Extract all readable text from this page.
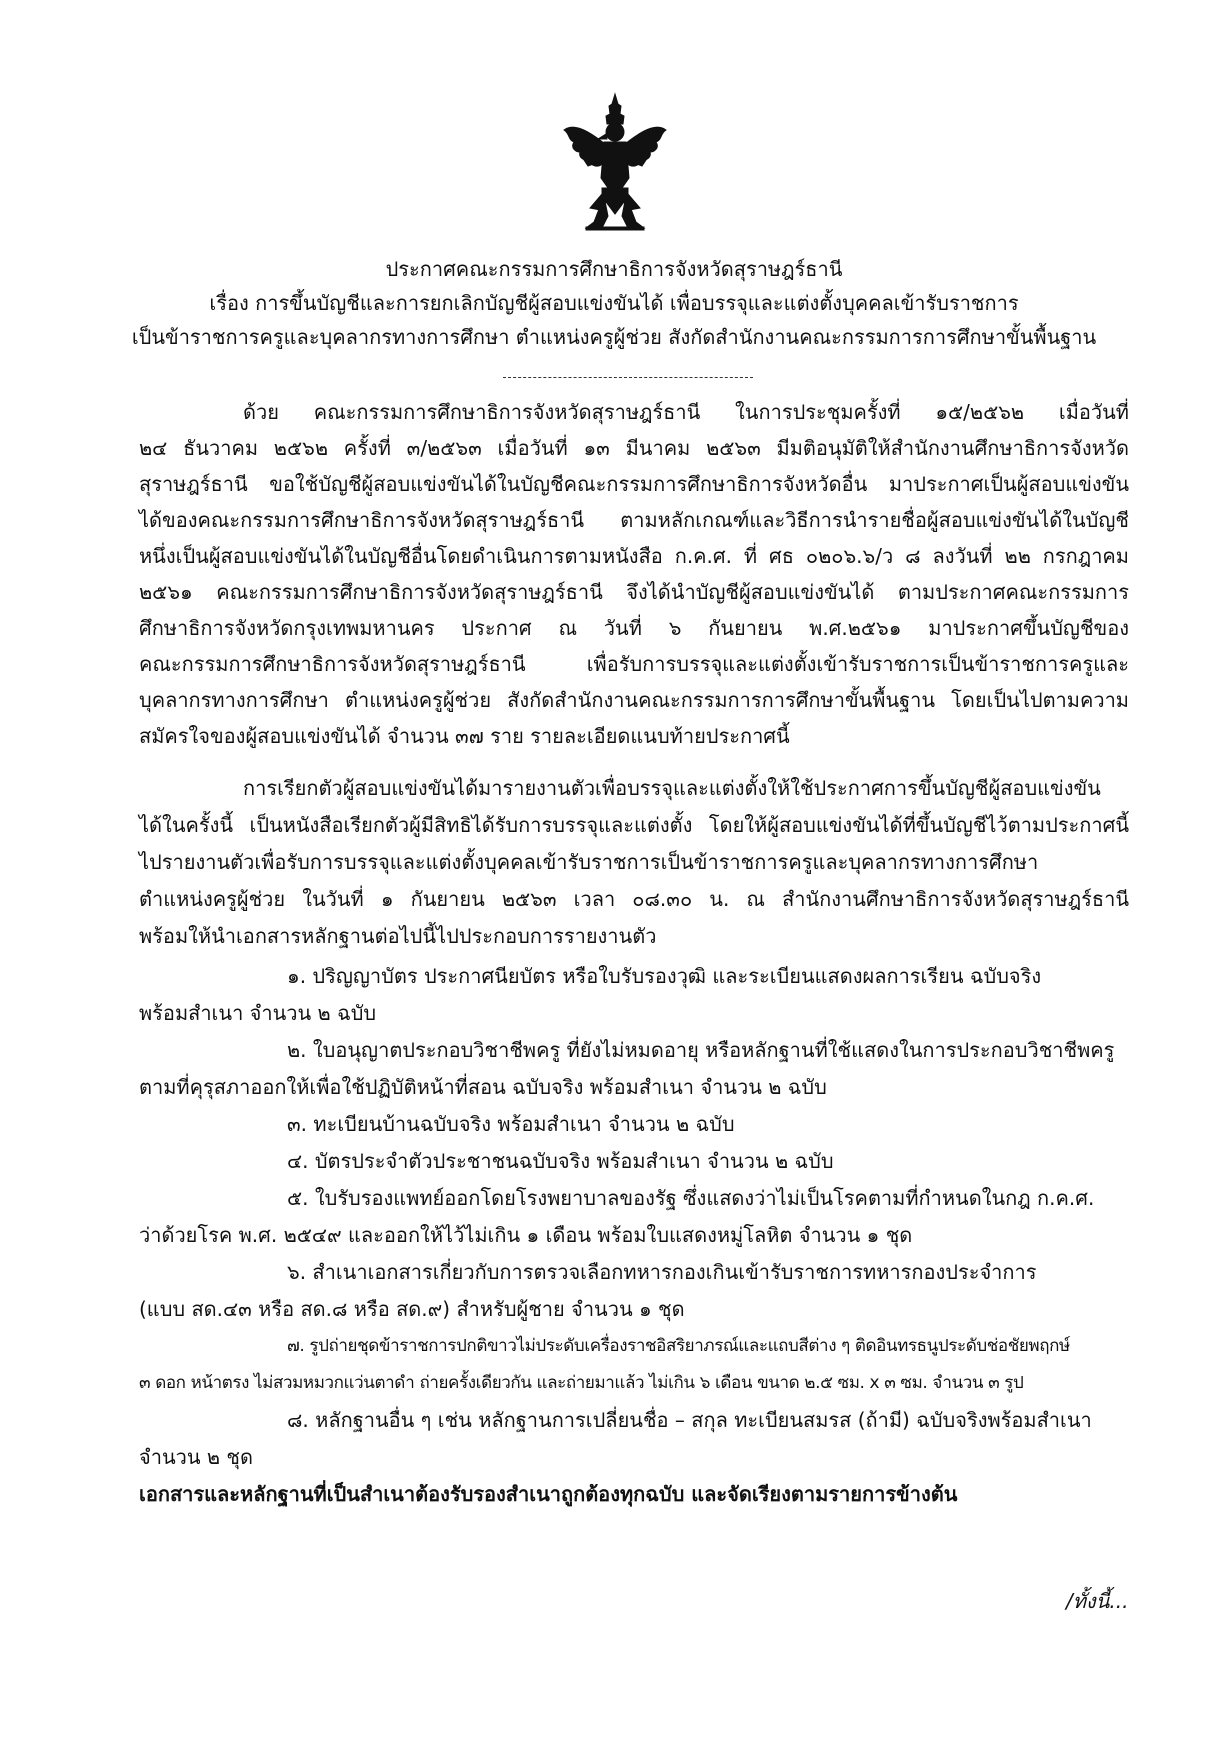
ประกาศคณะกรรมการศึกษาธิการจังหวัดสุราษฎร์ธานี
เรื่อง การขึ้นบัญชีและการยกเลิกบัญชีผู้สอบแข่งขันได้ เพื่อบรรจุและแต่งตั้งบุคคลเข้ารับราชการ
เป็นข้าราชการครูและบุคลากรทางการศึกษา ตำแหน่งครูผู้ช่วย สังกัดสำนักงานคณะกรรมการการศึกษาขั้นพื้นฐาน
ด้วย คณะกรรมการศึกษาธิการจังหวัดสุราษฎร์ธานี ในการประชุมครั้งที่ ๑๕/๒๕๖๒ เมื่อวันที่
๒๔ ธันวาคม ๒๕๖๒ ครั้งที่ ๓/๒๕๖๓ เมื่อวันที่ ๑๓ มีนาคม ๒๕๖๓ มีมติอนุมัติให้สำนักงานศึกษาธิการจังหวัด
สุราษฎร์ธานี ขอใช้บัญชีผู้สอบแข่งขันได้ในบัญชีคณะกรรมการศึกษาธิการจังหวัดอื่น มาประกาศเป็นผู้สอบแข่งขัน
ได้ของคณะกรรมการศึกษาธิการจังหวัดสุราษฎร์ธานี ตามหลักเกณฑ์และวิธีการนำรายชื่อผู้สอบแข่งขันได้ในบัญชี
หนึ่งเป็นผู้สอบแข่งขันได้ในบัญชีอื่นโดยดำเนินการตามหนังสือ ก.ค.ศ. ที่ ศธ ๐๒๐๖.๖/ว ๘ ลงวันที่ ๒๒ กรกฎาคม
๒๕๖๑ คณะกรรมการศึกษาธิการจังหวัดสุราษฎร์ธานี จึงได้นำบัญชีผู้สอบแข่งขันได้ ตามประกาศคณะกรรมการ
ศึกษาธิการจังหวัดกรุงเทพมหานคร ประกาศ ณ วันที่ ๖ กันยายน พ.ศ.๒๕๖๑ มาประกาศขึ้นบัญชีของ
คณะกรรมการศึกษาธิการจังหวัดสุราษฎร์ธานี เพื่อรับการบรรจุและแต่งตั้งเข้ารับราชการเป็นข้าราชการครูและ
บุคลากรทางการศึกษา ตำแหน่งครูผู้ช่วย สังกัดสำนักงานคณะกรรมการการศึกษาขั้นพื้นฐาน โดยเป็นไปตามความ
สมัครใจของผู้สอบแข่งขันได้ จำนวน ๓๗ ราย รายละเอียดแนบท้ายประกาศนี้
การเรียกตัวผู้สอบแข่งขันได้มารายงานตัวเพื่อบรรจุและแต่งตั้งให้ใช้ประกาศการขึ้นบัญชีผู้สอบแข่งขัน
ได้ในครั้งนี้ เป็นหนังสือเรียกตัวผู้มีสิทธิได้รับการบรรจุและแต่งตั้ง โดยให้ผู้สอบแข่งขันได้ที่ขึ้นบัญชีไว้ตามประกาศนี้
ไปรายงานตัวเพื่อรับการบรรจุและแต่งตั้งบุคคลเข้ารับราชการเป็นข้าราชการครูและบุคลากรทางการศึกษา
ตำแหน่งครูผู้ช่วย ในวันที่ ๑ กันยายน ๒๕๖๓ เวลา ๐๘.๓๐ น. ณ สำนักงานศึกษาธิการจังหวัดสุราษฎร์ธานี
พร้อมให้นำเอกสารหลักฐานต่อไปนี้ไปประกอบการรายงานตัว
๑. ปริญญาบัตร ประกาศนียบัตร หรือใบรับรองวุฒิ และระเบียนแสดงผลการเรียน ฉบับจริง
พร้อมสำเนา จำนวน ๒ ฉบับ
๒. ใบอนุญาตประกอบวิชาชีพครู ที่ยังไม่หมดอายุ หรือหลักฐานที่ใช้แสดงในการประกอบวิชาชีพครู
ตามที่คุรุสภาออกให้เพื่อใช้ปฏิบัติหน้าที่สอน ฉบับจริง พร้อมสำเนา จำนวน ๒ ฉบับ
๓. ทะเบียนบ้านฉบับจริง พร้อมสำเนา จำนวน ๒ ฉบับ
๔. บัตรประจำตัวประชาชนฉบับจริง พร้อมสำเนา จำนวน ๒ ฉบับ
๕. ใบรับรองแพทย์ออกโดยโรงพยาบาลของรัฐ ซึ่งแสดงว่าไม่เป็นโรคตามที่กำหนดในกฎ ก.ค.ศ.
ว่าด้วยโรค พ.ศ. ๒๕๔๙ และออกให้ไว้ไม่เกิน ๑ เดือน พร้อมใบแสดงหมู่โลหิต จำนวน ๑ ชุด
๖. สำเนาเอกสารเกี่ยวกับการตรวจเลือกทหารกองเกินเข้ารับราชการทหารกองประจำการ
(แบบ สด.๔๓ หรือ สด.๘ หรือ สด.๙) สำหรับผู้ชาย จำนวน ๑ ชุด
๗. รูปถ่ายชุดข้าราชการปกติขาวไม่ประดับเครื่องราชอิสริยาภรณ์และแถบสีต่าง ๆ ติดอินทรธนูประดับช่อชัยพฤกษ์
๓ ดอก หน้าตรง ไม่สวมหมวกแว่นตาดำ ถ่ายครั้งเดียวกัน และถ่ายมาแล้ว ไม่เกิน ๖ เดือน ขนาด ๒.๕ ซม. x ๓ ซม. จำนวน ๓ รูป
๘. หลักฐานอื่น ๆ เช่น หลักฐานการเปลี่ยนชื่อ – สกุล ทะเบียนสมรส (ถ้ามี) ฉบับจริงพร้อมสำเนา
จำนวน ๒ ชุด
เอกสารและหลักฐานที่เป็นสำเนาต้องรับรองสำเนาถูกต้องทุกฉบับ และจัดเรียงตามรายการข้างต้น
/ทั้งนี้...
